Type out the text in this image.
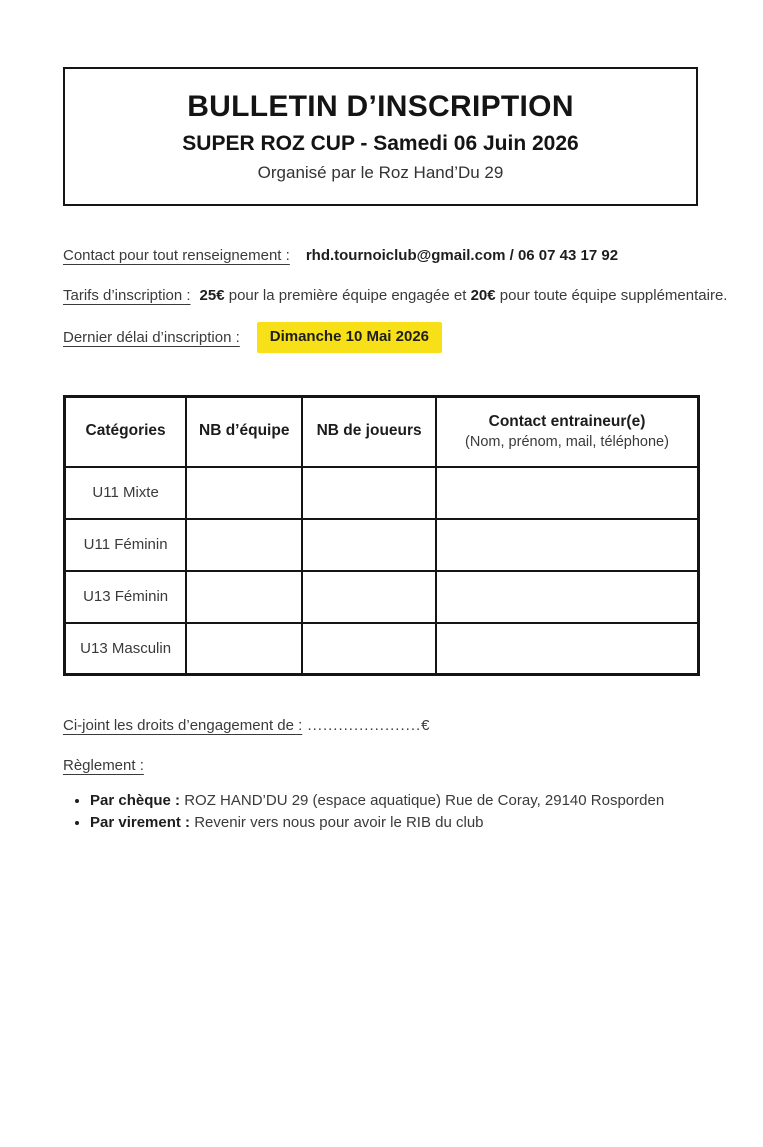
BULLETIN D’INSCRIPTION
SUPER ROZ CUP - Samedi 06 Juin 2026
Organisé par le Roz Hand’Du 29
Contact pour tout renseignement : rhd.tournoiclub@gmail.com / 06 07 43 17 92
Tarifs d’inscription : 25€ pour la première équipe engagée et 20€ pour toute équipe supplémentaire.
Dernier délai d’inscription :	Dimanche 10 Mai 2026
Catégories	NB d’équipe	NB de joueurs	Contact entraineur(e)
(Nom, prénom, mail, téléphone)

U11 Mixte			
U11 Féminin			
U13 Féminin			
U13 Masculin			
Ci-joint les droits d’engagement de : ......................€
Règlement :
• Par chèque : ROZ HAND’DU 29 (espace aquatique) Rue de Coray, 29140 Rosporden
• Par virement : Revenir vers nous pour avoir le RIB du club
